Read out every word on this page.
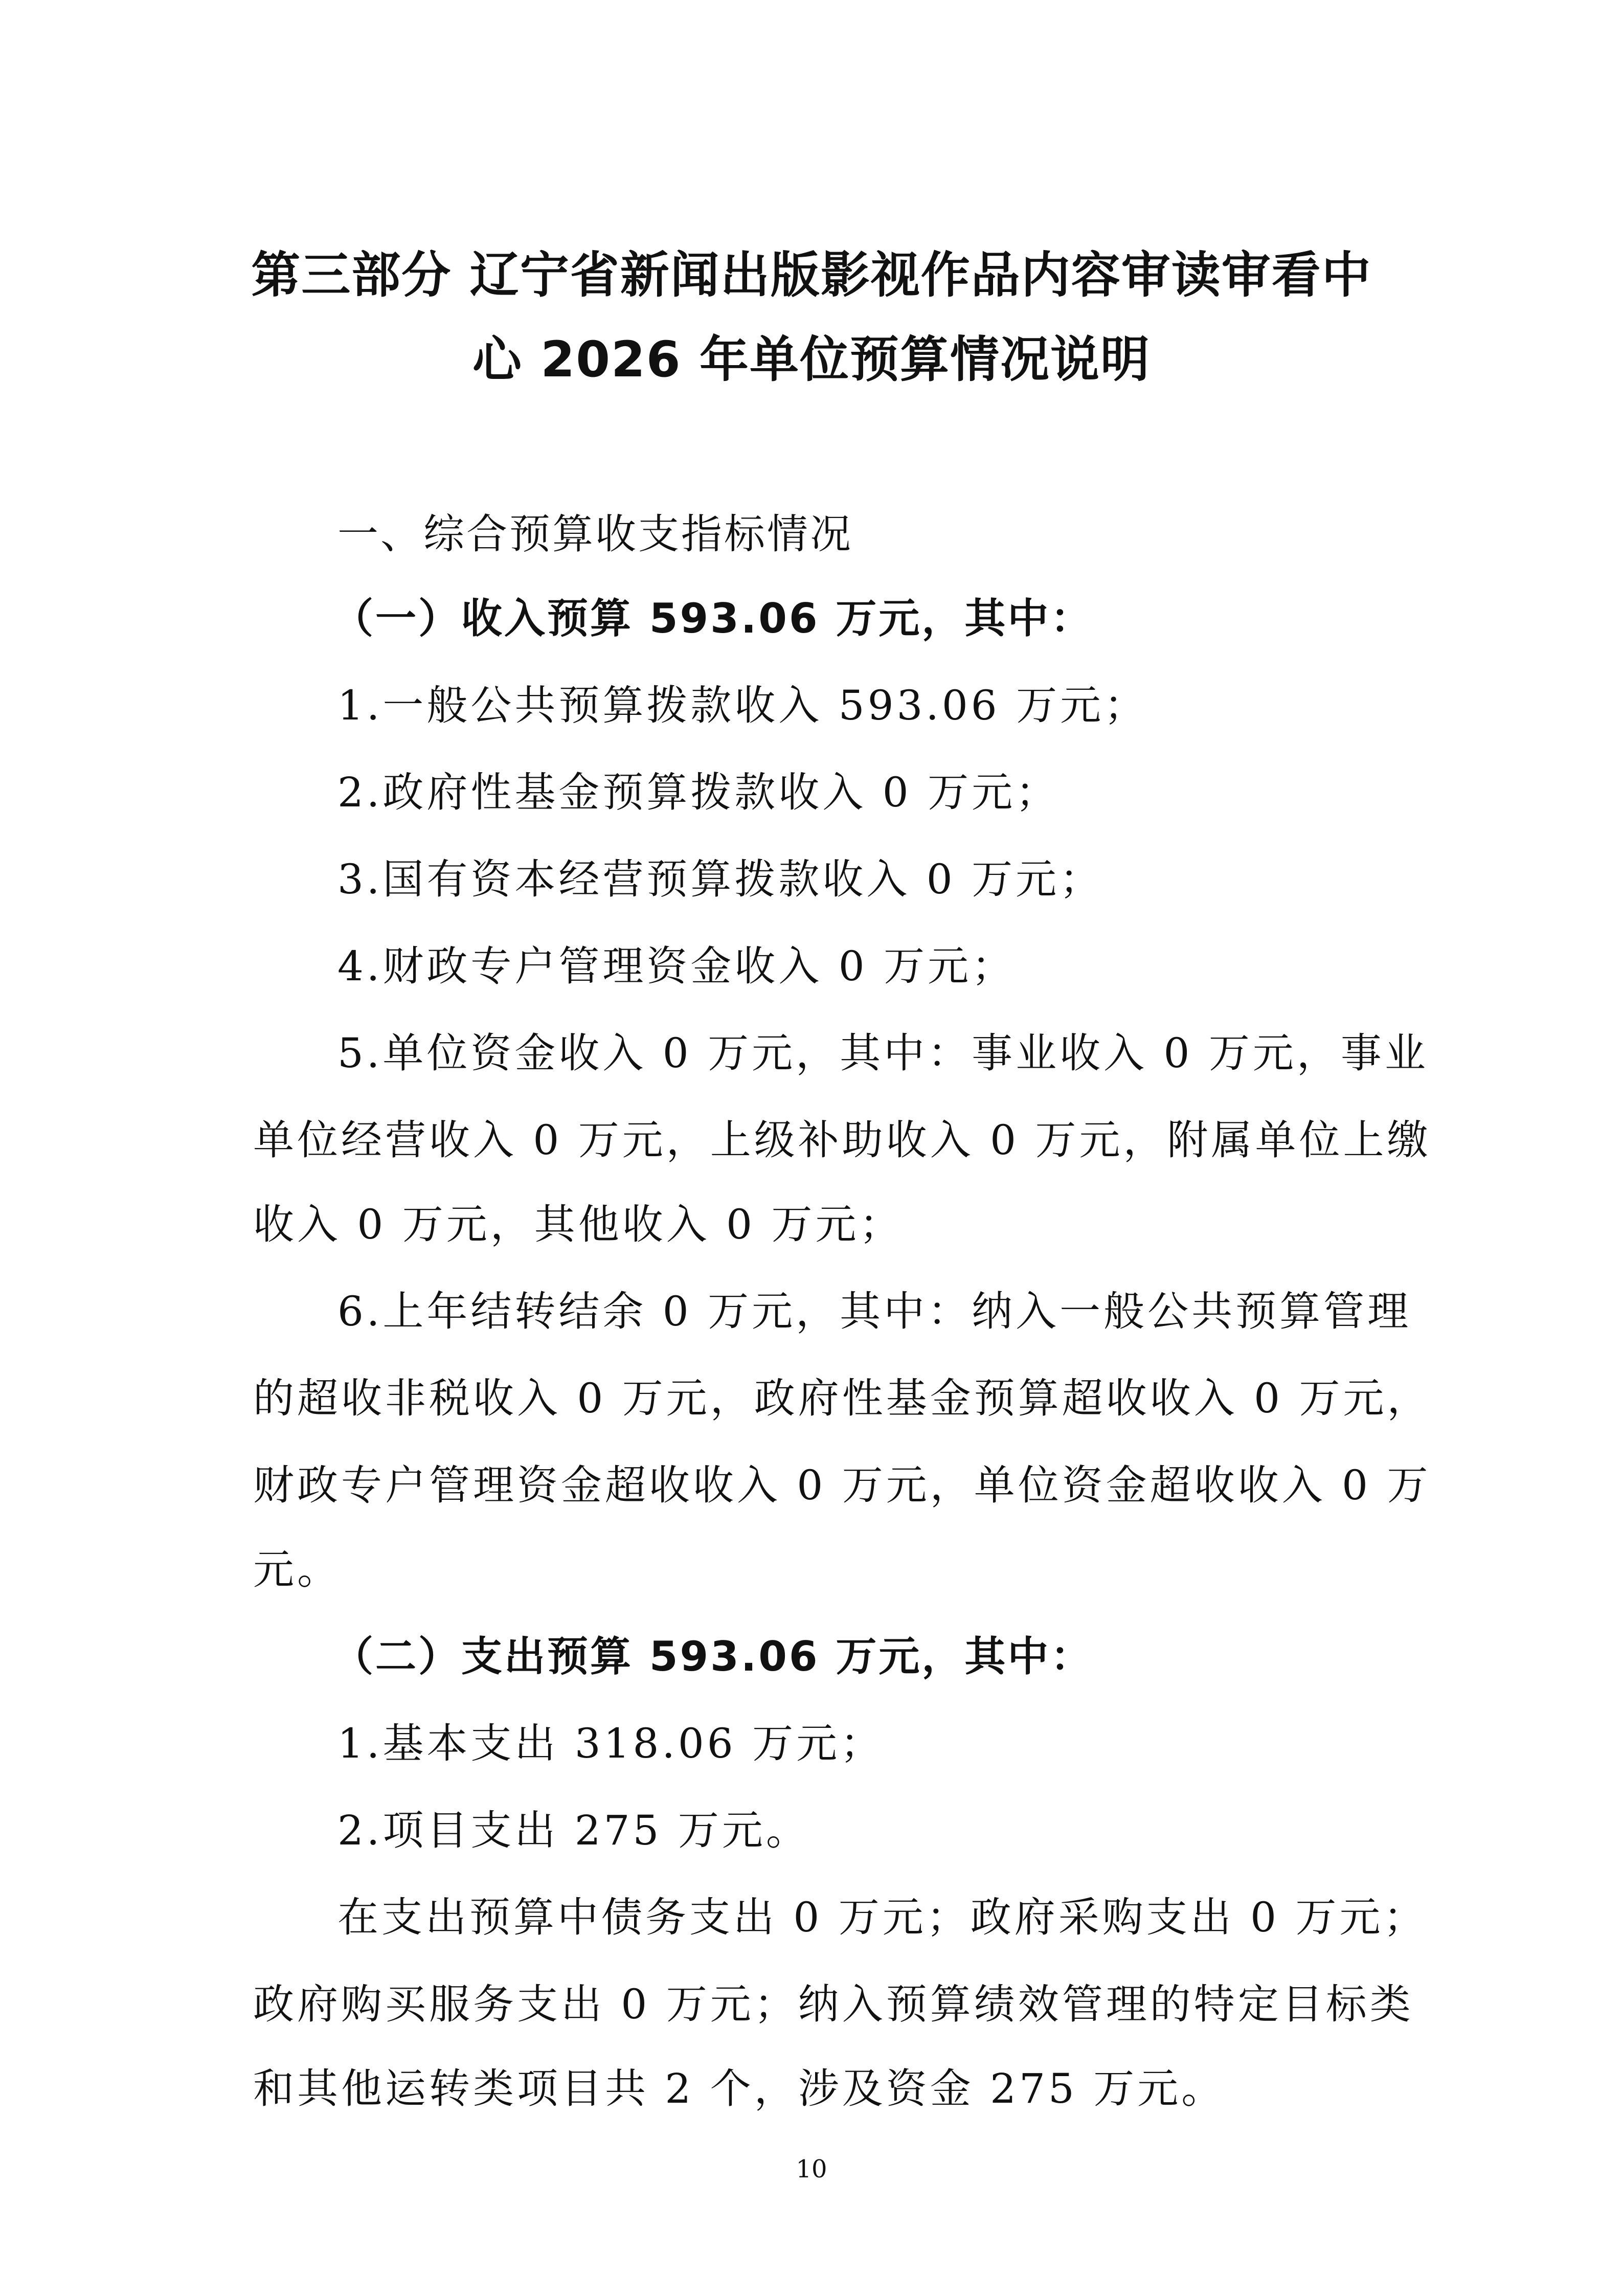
第三部分 辽宁省新闻出版影视作品内容审读审看中
心 2026 年单位预算情况说明
一、综合预算收支指标情况
（一）收入预算 593.06 万元，其中：
1.一般公共预算拨款收入 593.06 万元；
2.政府性基金预算拨款收入 0 万元；
3.国有资本经营预算拨款收入 0 万元；
4.财政专户管理资金收入 0 万元；
5.单位资金收入 0 万元，其中：事业收入 0 万元，事业
单位经营收入 0 万元，上级补助收入 0 万元，附属单位上缴
收入 0 万元，其他收入 0 万元；
6.上年结转结余 0 万元，其中：纳入一般公共预算管理
的超收非税收入 0 万元，政府性基金预算超收收入 0 万元，
财政专户管理资金超收收入 0 万元，单位资金超收收入 0 万
元。
（二）支出预算 593.06 万元，其中：
1.基本支出 318.06 万元；
2.项目支出 275 万元。
在支出预算中债务支出 0 万元；政府采购支出 0 万元；
政府购买服务支出 0 万元；纳入预算绩效管理的特定目标类
和其他运转类项目共 2 个，涉及资金 275 万元。
10
